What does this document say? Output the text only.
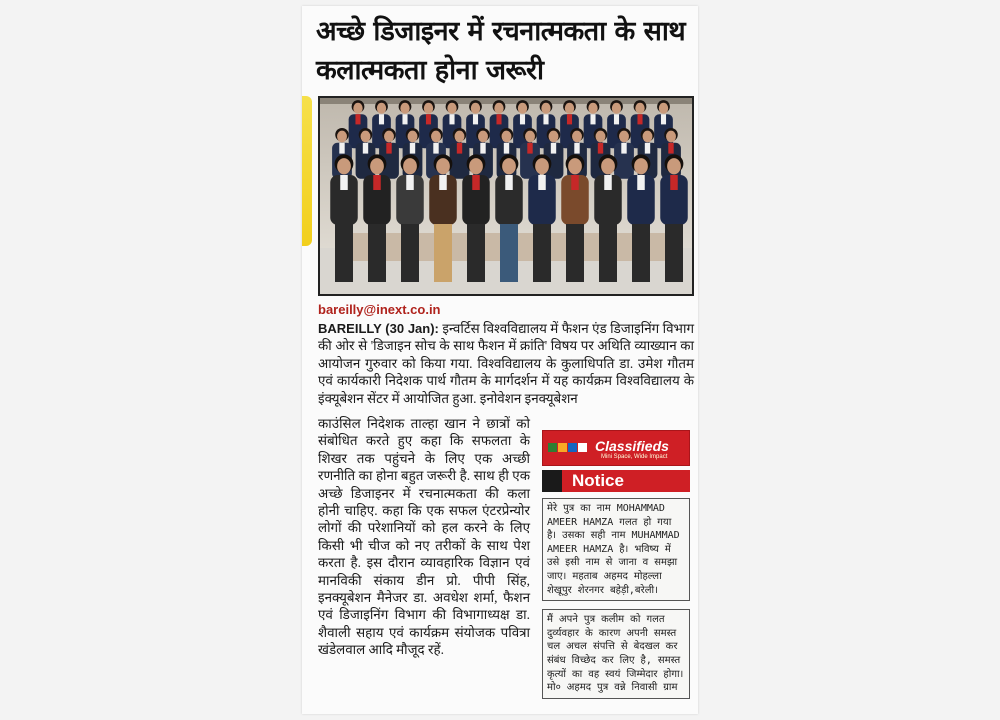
अच्छे डिजाइनर में रचनात्मकता के साथ कलात्मकता होना जरूरी
bareilly@inext.co.in
BAREILLY (30 Jan): इन्वर्टिस विश्वविद्यालय में फैशन एंड डिजाइनिंग विभाग की ओर से 'डिजाइन सोच के साथ फैशन में क्रांति' विषय पर अथिति व्याख्यान का आयोजन गुरुवार को किया गया. विश्वविद्यालय के कुलाधिपति डा. उमेश गौतम एवं कार्यकारी निदेशक पार्थ गौतम के मार्गदर्शन में यह कार्यक्रम विश्वविद्यालय के इंक्यूबेशन सेंटर में आयोजित हुआ. इनोवेशन इनक्यूबेशन
काउंसिल निदेशक ताल्हा खान ने छात्रों को संबोधित करते हुए कहा कि सफलता के शिखर तक पहुंचने के लिए एक अच्छी रणनीति का होना बहुत जरूरी है. साथ ही एक अच्छे डिजाइनर में रचनात्मकता की कला होनी चाहिए. कहा कि एक सफल एंटरप्रेन्योर लोगों की परेशानियों को हल करने के लिए किसी भी चीज को नए तरीकों के साथ पेश करता है. इस दौरान व्यावहारिक विज्ञान एवं मानविकी संकाय डीन प्रो. पीपी सिंह, इनक्यूबेशन मैनेजर डा. अवधेश शर्मा, फैशन एवं डिजाइनिंग विभाग की विभागाध्यक्ष डा. शैवाली सहाय एवं कार्यक्रम संयोजक पवित्रा खंडेलवाल आदि मौजूद रहें.
Classifieds
Mini Space, Wide Impact
Notice
मेरे पुत्र का नाम MOHAMMAD AMEER HAMZA गलत हो गया है। उसका सही नाम MUHAMMAD AMEER HAMZA है। भविष्य में उसे इसी नाम से जाना व समझा जाए। महताब अहमद मोहल्ला शेखूपुर शेरनगर बहेड़ी,बरेली।
मैं अपने पुत्र कलीम को गलत दुर्व्यवहार के कारण अपनी समस्त चल अचल संपत्ति से बेदखल कर संबंध विच्छेद कर लिए है, समस्त कृत्यों का वह स्वयं जिम्मेदार होगा। मो० अहमद पुत्र वन्ने निवासी ग्राम
